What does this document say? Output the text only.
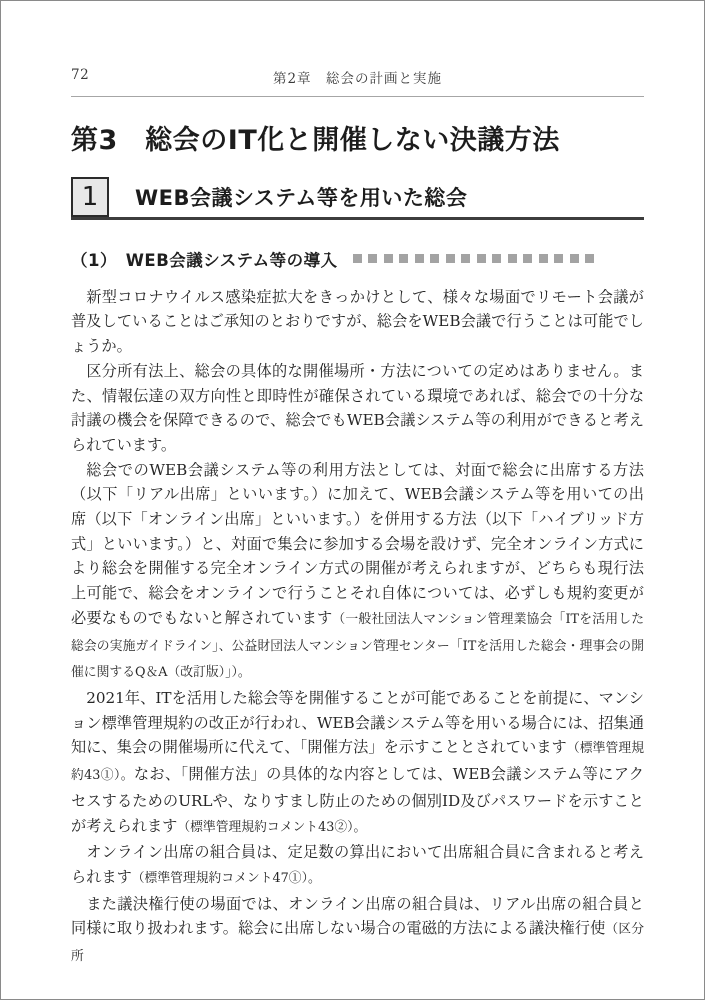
72	第2章　総会の計画と実施
第3　総会のIT化と開催しない決議方法
1 WEB会議システム等を用いた総会
（1）　WEB会議システム等の導入

新型コロナウイルス感染症拡大をきっかけとして、様々な場面でリモート会議が普及していることはご承知のとおりですが、総会をWEB会議で行うことは可能でしょうか。

区分所有法上、総会の具体的な開催場所・方法についての定めはありません。また、情報伝達の双方向性と即時性が確保されている環境であれば、総会での十分な討議の機会を保障できるので、総会でもWEB会議システム等の利用ができると考えられています。

総会でのWEB会議システム等の利用方法としては、対面で総会に出席する方法（以下「リアル出席」といいます。）に加えて、WEB会議システム等を用いての出席（以下「オンライン出席」といいます。）を併用する方法（以下「ハイブリッド方式」といいます。）と、対面で集会に参加する会場を設けず、完全オンライン方式により総会を開催する完全オンライン方式の開催が考えられますが、どちらも現行法上可能で、総会をオンラインで行うことそれ自体については、必ずしも規約変更が必要なものでもないと解されています（一般社団法人マンション管理業協会「ITを活用した総会の実施ガイドライン」、公益財団法人マンション管理センター「ITを活用した総会・理事会の開催に関するQ＆A（改訂版）」）。

2021年、ITを活用した総会等を開催することが可能であることを前提に、マンション標準管理規約の改正が行われ、WEB会議システム等を用いる場合には、招集通知に、集会の開催場所に代えて、「開催方法」を示すこととされています（標準管理規約43①）。なお、「開催方法」の具体的な内容としては、WEB会議システム等にアクセスするためのURLや、なりすまし防止のための個別ID及びパスワードを示すことが考えられます（標準管理規約コメント43②）。

オンライン出席の組合員は、定足数の算出において出席組合員に含まれると考えられます（標準管理規約コメント47①）。

また議決権行使の場面では、オンライン出席の組合員は、リアル出席の組合員と同様に取り扱われます。総会に出席しない場合の電磁的方法による議決権行使（区分所
